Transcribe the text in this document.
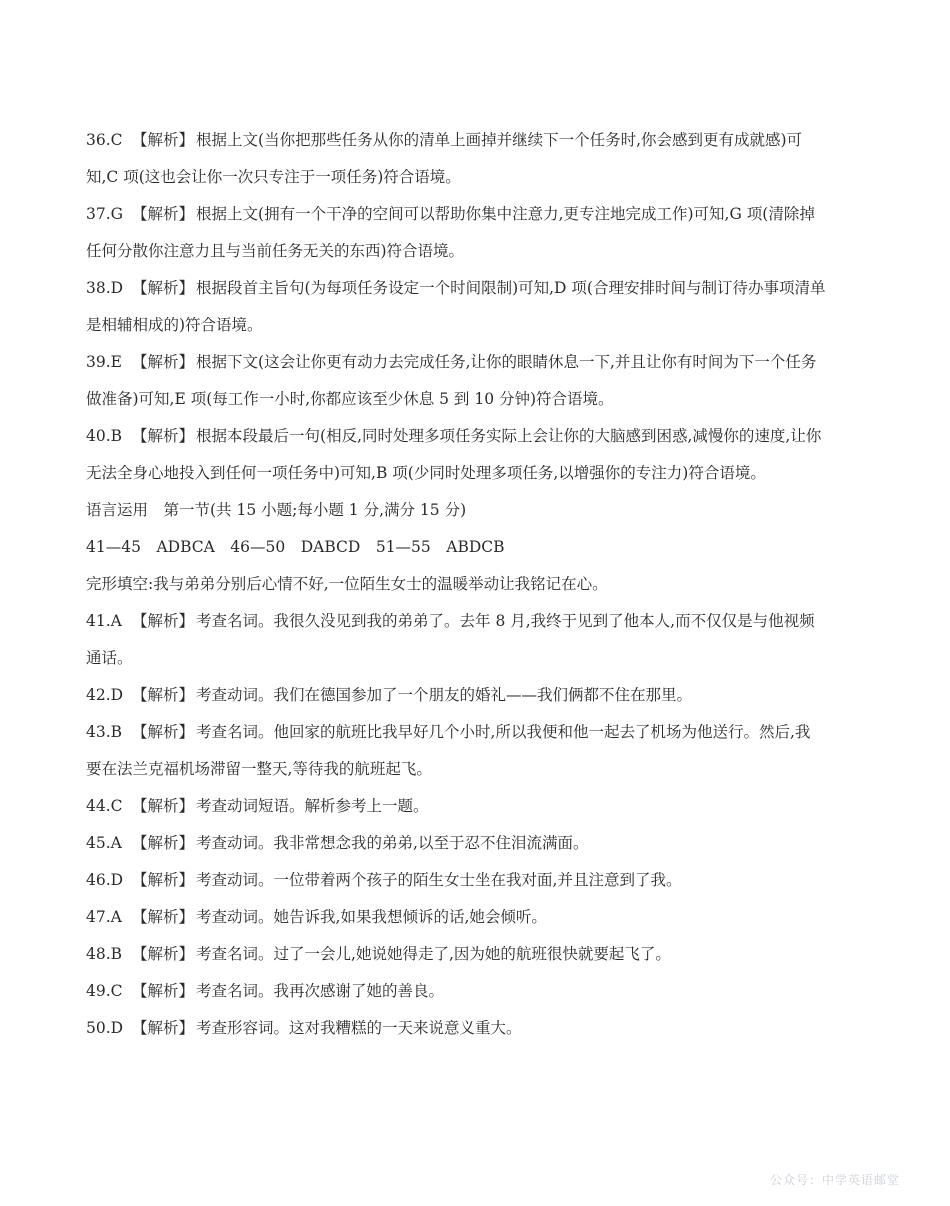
36.C 【解析】 根据上文(当你把那些任务从你的清单上画掉并继续下一个任务时,你会感到更有成就感)可
知,C 项(这也会让你一次只专注于一项任务)符合语境。
37.G 【解析】 根据上文(拥有一个干净的空间可以帮助你集中注意力,更专注地完成工作)可知,G 项(清除掉
任何分散你注意力且与当前任务无关的东西)符合语境。
38.D 【解析】 根据段首主旨句(为每项任务设定一个时间限制)可知,D 项(合理安排时间与制订待办事项清单
是相辅相成的)符合语境。
39.E 【解析】 根据下文(这会让你更有动力去完成任务,让你的眼睛休息一下,并且让你有时间为下一个任务
做准备)可知,E 项(每工作一小时,你都应该至少休息 5 到 10 分钟)符合语境。
40.B 【解析】 根据本段最后一句(相反,同时处理多项任务实际上会让你的大脑感到困惑,减慢你的速度,让你
无法全身心地投入到任何一项任务中)可知,B 项(少同时处理多项任务,以增强你的专注力)符合语境。
语言运用　第一节(共 15 小题;每小题 1 分,满分 15 分)
41—45　ADBCA　46—50　DABCD　51—55　ABDCB
完形填空:我与弟弟分别后心情不好,一位陌生女士的温暖举动让我铭记在心。
41.A 【解析】 考查名词。我很久没见到我的弟弟了。去年 8 月,我终于见到了他本人,而不仅仅是与他视频
通话。
42.D 【解析】 考查动词。我们在德国参加了一个朋友的婚礼——我们俩都不住在那里。
43.B 【解析】 考查名词。他回家的航班比我早好几个小时,所以我便和他一起去了机场为他送行。然后,我
要在法兰克福机场滞留一整天,等待我的航班起飞。
44.C 【解析】 考查动词短语。解析参考上一题。
45.A 【解析】 考查动词。我非常想念我的弟弟,以至于忍不住泪流满面。
46.D 【解析】 考查动词。一位带着两个孩子的陌生女士坐在我对面,并且注意到了我。
47.A 【解析】 考查动词。她告诉我,如果我想倾诉的话,她会倾听。
48.B 【解析】 考查名词。过了一会儿,她说她得走了,因为她的航班很快就要起飞了。
49.C 【解析】 考查名词。我再次感谢了她的善良。
50.D 【解析】 考查形容词。这对我糟糕的一天来说意义重大。
公众号：中学英语邮堂
